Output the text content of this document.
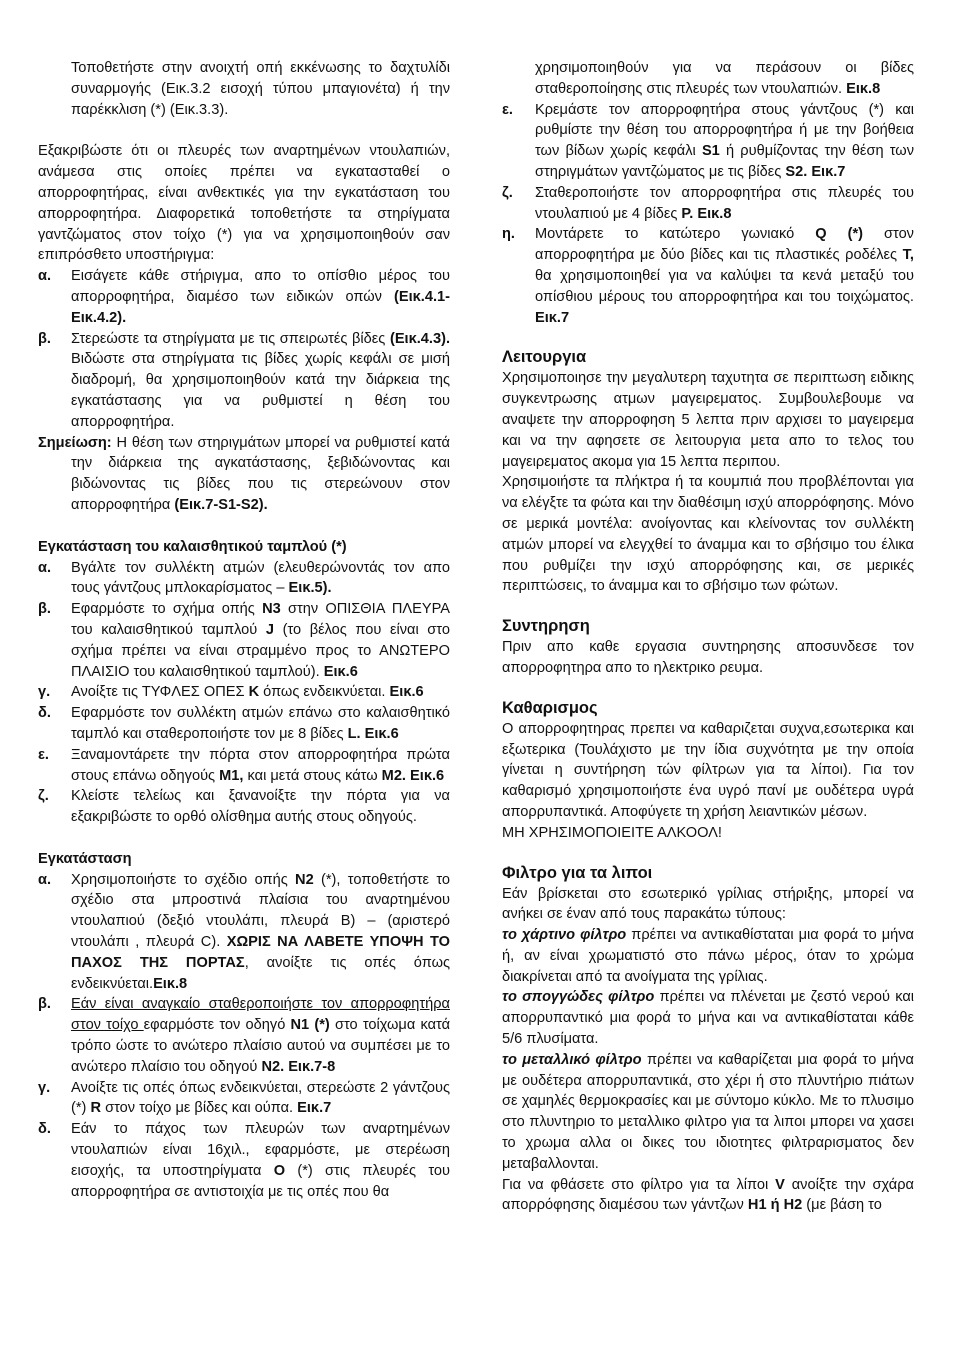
Τοποθετήστε στην ανοιχτή οπή εκκένωσης το δαχτυλίδι συναρμογής (Εικ.3.2 εισοχή τύπου μπαγιονέτα) ή την παρέκκλιση (*) (Εικ.3.3).

Εξακριβώστε ότι οι πλευρές των αναρτημένων ντουλαπιών, ανάμεσα στις οποίες πρέπει να εγκατασταθεί ο απορροφητήρας, είναι ανθεκτικές για την εγκατάσταση του απορροφητήρα. Διαφορετικά τοποθετήστε τα στηρίγματα γαντζώματος στον τοίχο (*) για να χρησιμοποιηθούν σαν επιπρόσθετο υποστήριγμα:

α. Εισάγετε κάθε στήριγμα, απο το οπίσθιο μέρος του απορροφητήρα, διαμέσο των ειδικών οπών (Εικ.4.1-Εικ.4.2).
β. Στερεώστε τα στηρίγματα με τις σπειρωτές βίδες (Εικ.4.3). Βιδώστε στα στηρίγματα τις βίδες χωρίς κεφάλι σε μισή διαδρομή, θα χρησιμοποιηθούν κατά την διάρκεια της εγκατάστασης για να ρυθμιστεί η θέση του απορροφητήρα.
Σημείωση: Η θέση των στηριγμάτων μπορεί να ρυθμιστεί κατά την διάρκεια της αγκατάστασης, ξεβιδώνοντας και βιδώνοντας τις βίδες που τις στερεώνουν στον απορροφητήρα (Εικ.7-S1-S2).
Εγκατάσταση του καλαισθητικού ταμπλού (*)
α. Βγάλτε τον συλλέκτη ατμών (ελευθερώνοντάς τον απο τους γάντζους μπλοκαρίσματος – Εικ.5).
β. Εφαρμόστε το σχήμα οπής N3 στην ΟΠΙΣΘΙΑ ΠΛΕΥΡΑ του καλαισθητικού ταμπλού J (το βέλος που είναι στο σχήμα πρέπει να είναι στραμμένο προς το ΑΝΩΤΕΡΟ ΠΛΑΙΣΙΟ του καλαισθητικού ταμπλού). Εικ.6
γ. Ανοίξτε τις ΤΥΦΛΕΣ ΟΠΕΣ K όπως ενδεικνύεται. Εικ.6
δ. Εφαρμόστε τον συλλέκτη ατμών επάνω στο καλαισθητικό ταμπλό και σταθεροποιήστε τον με 8 βίδες L. Εικ.6
ε. Ξαναμοντάρετε την πόρτα στον απορροφητήρα πρώτα στους επάνω οδηγούς M1, και μετά στους κάτω M2. Εικ.6
ζ. Κλείστε τελείως και ξανανοίξτε την πόρτα για να εξακριβώστε το ορθό ολίσθημα αυτής στους οδηγούς.
Εγκατάσταση
α. Χρησιμοποιήστε το σχέδιο οπής N2 (*), τοποθετήστε το σχέδιο στα μπροστινά πλαίσια του αναρτημένου ντουλαπιού (δεξιό ντουλάπι, πλευρά B) – (αριστερό ντουλάπι , πλευρά C). ΧΩΡΙΣ ΝΑ ΛΑΒΕΤΕ ΥΠΟΨΗ ΤΟ ΠΑΧΟΣ ΤΗΣ ΠΟΡΤΑΣ, ανοίξτε τις οπές όπως ενδεικνύεται.Εικ.8
β. Εάν είναι αναγκαίο σταθεροποιήστε τον απορροφητήρα στον τοίχο εφαρμόστε τον οδηγό N1 (*) στο τοίχωμα κατά τρόπο ώστε το ανώτερο πλαίσιο αυτού να συμπέσει με το ανώτερο πλαίσιο του οδηγού N2. Εικ.7-8
γ. Ανοίξτε τις οπές όπως ενδεικνύεται, στερεώστε 2 γάντζους (*) R στον τοίχο με βίδες και ούπα. Εικ.7
δ. Εάν το πάχος των πλευρών των αναρτημένων ντουλαπιών είναι 16χιλ., εφαρμόστε, με στερέωση εισοχής, τα υποστηρίγματα O (*) στις πλευρές του απορροφητήρα σε αντιστοιχία με τις οπές που θα

χρησιμοποιηθούν για να περάσουν οι βίδες σταθεροποίησης στις πλευρές των ντουλαπιών. Εικ.8

ε. Κρεμάστε τον απορροφητήρα στους γάντζους (*) και ρυθμίστε την θέση του απορροφητήρα ή με την βοήθεια των βίδων χωρίς κεφάλι S1 ή ρυθμίζοντας την θέση των στηριγμάτων γαντζώματος με τις βίδες S2. Εικ.7
ζ. Σταθεροποιήστε τον απορροφητήρα στις πλευρές του ντουλαπιού με 4 βίδες P. Εικ.8
η. Μοντάρετε το κατώτερο γωνιακό Q (*) στον απορροφητήρα με δύο βίδες και τις πλαστικές ροδέλες T, θα χρησιμοποιηθεί για να καλύψει τα κενά μεταξύ του οπίσθιου μέρους του απορροφητήρα και του τοιχώματος. Εικ.7
Λειτουργια

Χρησιμοποιησε την μεγαλυτερη ταχυτητα σε περιπτωση ειδικης συγκεντρωσης ατμων μαγειρεματος. Συμβουλεβουμε να αναψετε την απορροφηση 5 λεπτα πριν αρχισει το μαγειρεμα και να την αφησετε σε λειτουργια μετα απο το τελος του μαγειρεματος ακομα για 15 λεπτα περιπου.

Χρησιμοιήστε τα πλήκτρα ή τα κουμπιά που προβλέπονται για να ελέγξτε τα φώτα και την διαθέσιμη ισχύ απορρόφησης. Μόνο σε μερικά μοντέλα: ανοίγοντας και κλείνοντας τον συλλέκτη ατμών μπορεί να ελεγχθεί το άναμμα και το σβήσιμο του έλικα που ρυθμίζει την ισχύ απορρόφησης και, σε μερικές περιπτώσεις, το άναμμα και το σβήσιμο των φώτων.

Συντηρηση

Πριν απο καθε εργασια συντηρησης αποσυνδεσε τον απορροφητηρα απο το ηλεκτρικο ρευμα.

Καθαρισμος

Ο απορροφητηρας πρεπει να καθαριζεται συχνα,εσωτερικα και εξωτερικα (Τουλάχιστο με την ίδια συχνότητα με την οποία γίνεται η συντήρηση τών φίλτρων για τα λίποι). Για τον καθαρισμό χρησιμοποιήστε ένα υγρό πανί με ουδέτερα υγρά απορρυπαντικά. Αποφύγετε τη χρήση λειαντικών μέσων.

ΜΗ ΧΡΗΣΙΜΟΠΟΙΕΙΤΕ ΑΛΚΟΟΛ!

Φιλτρο για τα λιποι

Εάν βρίσκεται στο εσωτερικό γρίλιας στήριξης, μπορεί να ανήκει σε έναν από τους παρακάτω τύπους:

το χάρτινο φίλτρο πρέπει να αντικαθίσταται μια φορά το μήνα ή, αν είναι χρωματιστό στο πάνω μέρος, όταν το χρώμα διακρίνεται από τα ανοίγματα της γρίλιας.

το σπογγώδες φίλτρο πρέπει να πλένεται με ζεστό νερού και απορρυπαντικό μια φορά το μήνα και να αντικαθίσταται κάθε 5/6 πλυσίματα.

το μεταλλικό φίλτρο πρέπει να καθαρίζεται μια φορά το μήνα με ουδέτερα απορρυπαντικά, στο χέρι ή στο πλυντήριο πιάτων σε χαμηλές θερμοκρασίες και με σύντομο κύκλο. Με το πλυσιμο στο πλυντηριο το μεταλλικο φιλτρο για τα λιποι μπορει να χασει το χρωμα αλλα οι δικες του ιδιοτητες φιλτραρισματος δεν μεταβαλλονται.

Για να φθάσετε στο φίλτρο για τα λίποι V ανοίξτε την σχάρα απορρόφησης διαμέσου των γάντζων H1 ή H2 (με βάση το
